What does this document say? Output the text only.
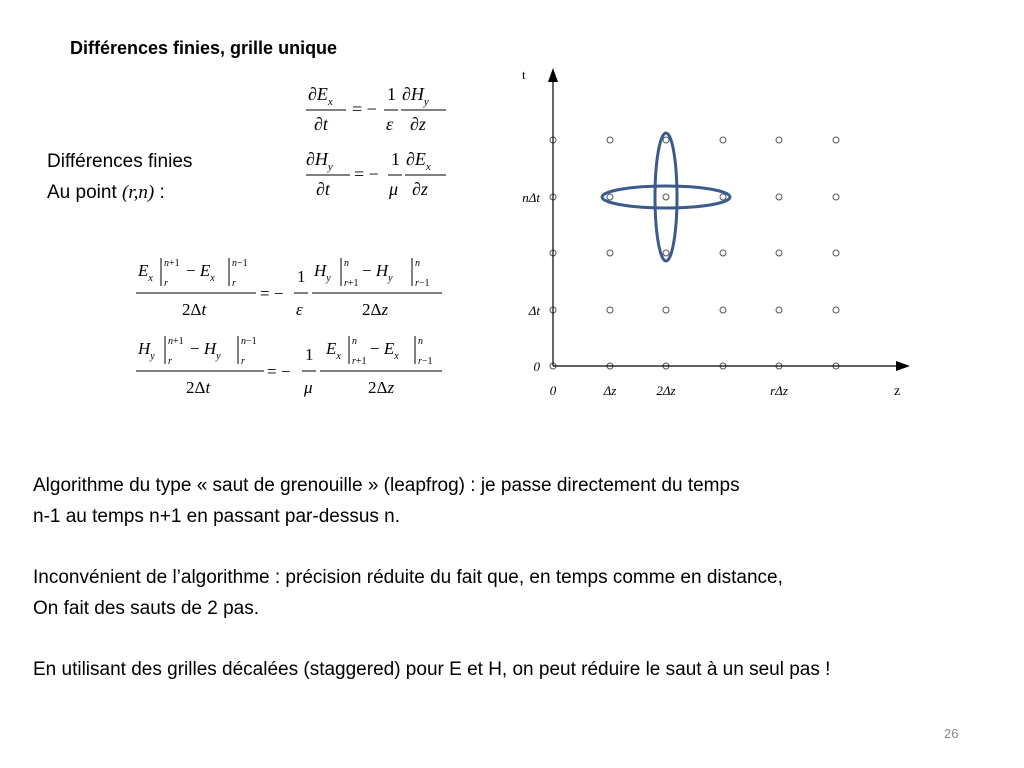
Différences finies, grille unique
Différences finies
Au point (r,n) :
$\partial E_x$
∂t
= −
1
ε
$\partial H_y$
∂z
$\partial H_y$
∂t
= −
1
μ
$\partial E_x$
∂z
$E_x$
n+1
r
− $E_x$
n−1
r
2Δt
= −
1
ε
$H_y$
n
r+1
− $H_y$
n
r−1
2Δz
$H_y$
n+1
r
− $H_y$
n−1
r
2Δt
= −
1
μ
$E_x$
n
r+1
− $E_x$
n
r−1
2Δz
t
z
0
Δt
nΔt
0	Δz	2Δz	rΔz
Algorithme du type « saut de grenouille » (leapfrog) : je passe directement du temps
n-1 au temps n+1 en passant par-dessus n.
Inconvénient de l’algorithme : précision réduite du fait que, en temps comme en distance,
On fait des sauts de 2 pas.
En utilisant des grilles décalées (staggered) pour E et H, on peut réduire le saut à un seul pas !
26
